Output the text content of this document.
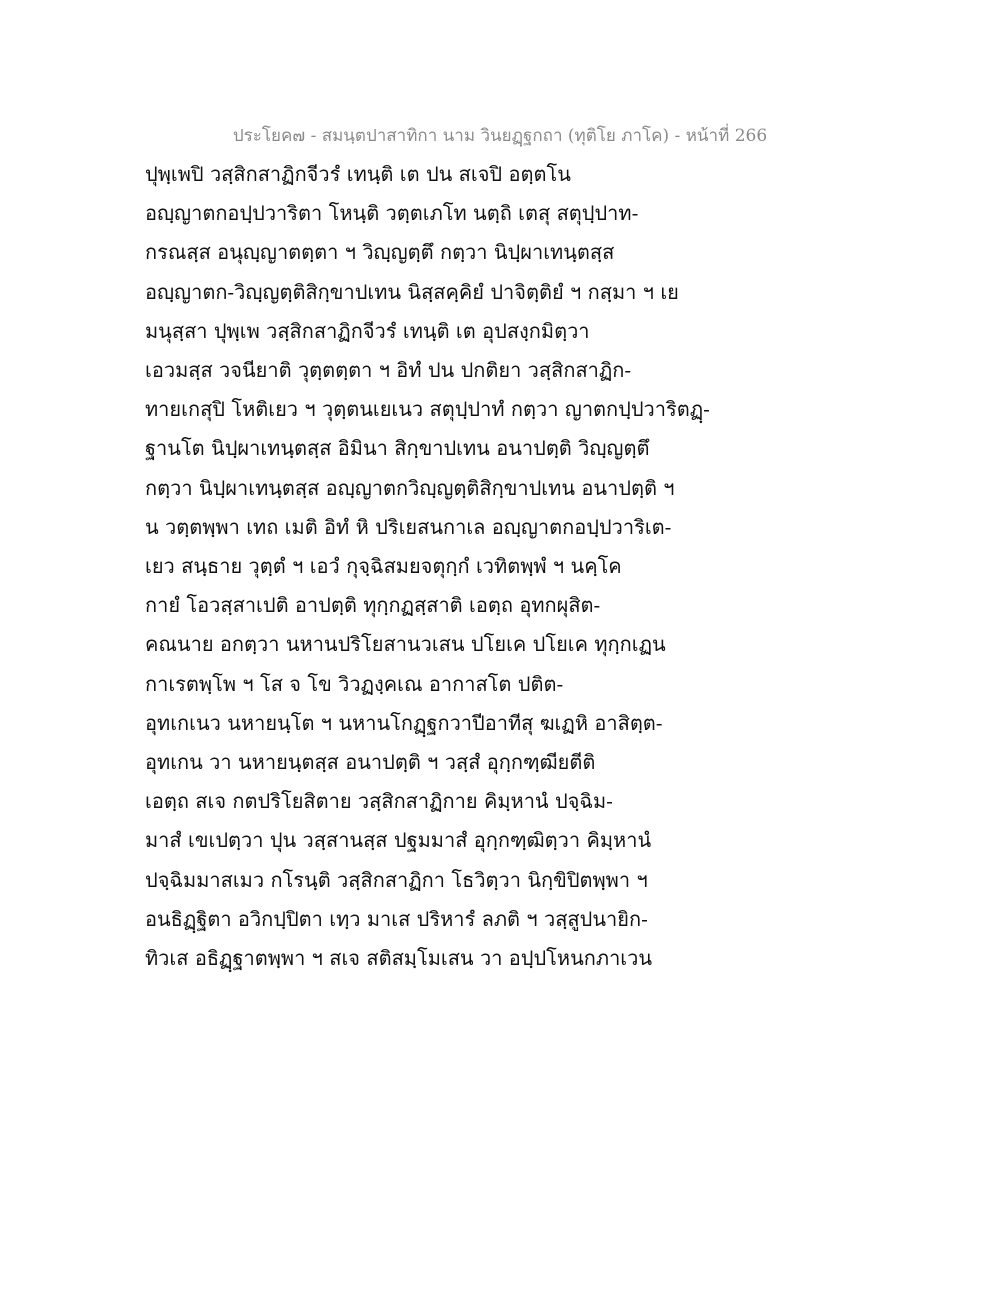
ประโยค๗ - สมนฺตปาสาทิกา นาม วินยฏฺฐกถา (ทุติโย ภาโค) - หน้าที่ 266
ปุพฺเพปิ วสฺสิกสาฏิกจีวรํ เทนฺติ เต ปน สเจปิ อตฺตโน
อญฺญาตกอปฺปวาริตา โหนฺติ วตฺตเภโท นตฺถิ เตสุ สตุปฺปาท-
กรณสฺส อนุญฺญาตตฺตา ฯ วิญฺญตฺตึ กตฺวา นิปฺผาเทนฺตสฺส
อญฺญาตก-วิญฺญตฺติสิกฺขาปเทน นิสฺสคฺคิยํ ปาจิตฺติยํ ฯ กสฺมา ฯ เย
มนุสฺสา ปุพฺเพ วสฺสิกสาฏิกจีวรํ เทนฺติ เต อุปสงฺกมิตฺวา
เอวมสฺส วจนียาติ วุตฺตตฺตา ฯ อิทํ ปน ปกติยา วสฺสิกสาฏิก-
ทายเกสุปิ โหติเยว ฯ วุตฺตนเยเนว สตุปฺปาทํ กตฺวา ญาตกปฺปวาริตฏฺ-
ฐานโต นิปฺผาเทนฺตสฺส อิมินา สิกฺขาปเทน อนาปตฺติ วิญฺญตฺตึ
กตฺวา นิปฺผาเทนฺตสฺส อญฺญาตกวิญฺญตฺติสิกฺขาปเทน อนาปตฺติ ฯ
น วตฺตพฺพา เทถ เมติ อิทํ หิ ปริเยสนกาเล อญฺญาตกอปฺปวาริเต-
เยว สนฺธาย วุตฺตํ ฯ เอวํ กุจฺฉิสมยจตุกฺกํ เวทิตพฺพํ ฯ นคฺโค
กายํ โอวสฺสาเปติ อาปตฺติ ทุกฺกฏสฺสาติ เอตฺถ อุทกผุสิต-
คณนาย อกตฺวา นหานปริโยสานวเสน ปโยเค ปโยเค ทุกฺกเฏน
กาเรตพฺโพ ฯ โส จ โข วิวฏงฺคเณ อากาสโต ปติต-
อุทเกเนว นหายนฺโต ฯ นหานโกฏฺฐกวาปีอาทีสุ ฆเฏหิ อาสิตฺต-
อุทเกน วา นหายนฺตสฺส อนาปตฺติ ฯ วสฺสํ อุกฺกฑฺฒียตีติ
เอตฺถ สเจ กตปริโยสิตาย วสฺสิกสาฏิกาย คิมฺหานํ ปจฺฉิม-
มาสํ เขเปตฺวา ปุน วสฺสานสฺส ปฐมมาสํ อุกฺกฑฺฒิตฺวา คิมฺหานํ
ปจฺฉิมมาสเมว กโรนฺติ วสฺสิกสาฏิกา โธวิตฺวา นิกฺขิปิตพฺพา ฯ
อนธิฏฺฐิตา อวิกปฺปิตา เทฺว มาเส ปริหารํ ลภติ ฯ วสฺสูปนายิก-
ทิวเส อธิฏฺฐาตพฺพา ฯ สเจ สติสมฺโมเสน วา อปฺปโหนกภาเวน
